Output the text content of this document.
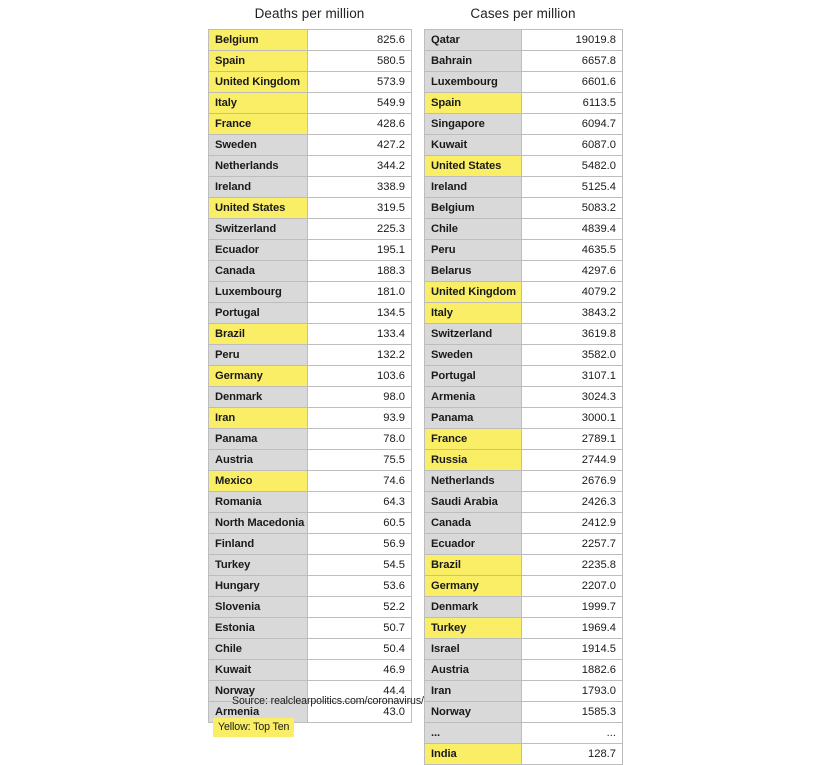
Deaths per million
Belgium	825.6
Spain	580.5
United Kingdom	573.9
Italy	549.9
France	428.6
Sweden	427.2
Netherlands	344.2
Ireland	338.9
United States	319.5
Switzerland	225.3
Ecuador	195.1
Canada	188.3
Luxembourg	181.0
Portugal	134.5
Brazil	133.4
Peru	132.2
Germany	103.6
Denmark	98.0
Iran	93.9
Panama	78.0
Austria	75.5
Mexico	74.6
Romania	64.3
North Macedonia	60.5
Finland	56.9
Turkey	54.5
Hungary	53.6
Slovenia	52.2
Estonia	50.7
Chile	50.4
Kuwait	46.9
Norway	44.4
Armenia	43.0
Cases per million
Qatar	19019.8
Bahrain	6657.8
Luxembourg	6601.6
Spain	6113.5
Singapore	6094.7
Kuwait	6087.0
United States	5482.0
Ireland	5125.4
Belgium	5083.2
Chile	4839.4
Peru	4635.5
Belarus	4297.6
United Kingdom	4079.2
Italy	3843.2
Switzerland	3619.8
Sweden	3582.0
Portugal	3107.1
Armenia	3024.3
Panama	3000.1
France	2789.1
Russia	2744.9
Netherlands	2676.9
Saudi Arabia	2426.3
Canada	2412.9
Ecuador	2257.7
Brazil	2235.8
Germany	2207.0
Denmark	1999.7
Turkey	1969.4
Israel	1914.5
Austria	1882.6
Iran	1793.0
Norway	1585.3
...	...
India	128.7
Source: realclearpolitics.com/coronavirus/
Yellow: Top Ten
